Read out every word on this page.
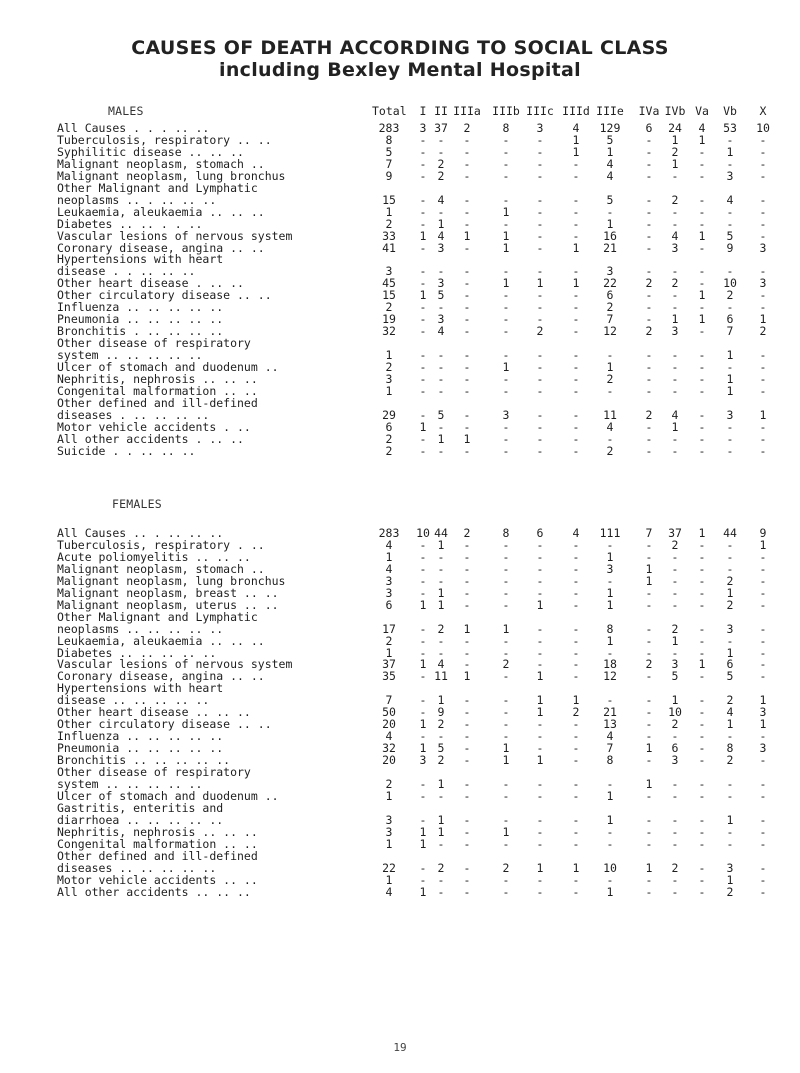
CAUSES OF DEATH ACCORDING TO SOCIAL CLASS
including Bexley Mental Hospital
MALES	Total	I II IIIa IIIb IIIc IIId IIIe	IVa IVb Va	Vb	X
All Causes . . . .. ..	283	3 37	2	8	3	4	129	6	24	4	53	10
Tuberculosis, respiratory .. ..	8	- -	-	-	-	1	5	-	1	1	-	-
Syphilitic disease .. .. ..	5	- -	-	-	-	1	1	-	2	-	1	-
Malignant neoplasm, stomach ..	7	- 2	-	-	-	-	4	-	1	-	-	-
Malignant neoplasm, lung bronchus	9	- 2	-	-	-	-	4	-	-	-	3	-
Other Malignant and Lymphatic
neoplasms .. . .. .. ..	15	- 4	-	-	-	-	5	-	2	-	4	-
Leukaemia, aleukaemia .. .. ..	1	- -	-	1	-	-	-	-	-	-	-	-
Diabetes .. .. . . ..	2	- 1	-	-	-	-	1	-	-	-	-	-
Vascular lesions of nervous system	33	1 4	1	1	-	-	16	-	4	1	5	-
Coronary disease, angina .. ..	41	- 3	-	1	-	1	21	-	3	-	9	3
Hypertensions with heart
disease . . .. .. ..	3	- -	-	-	-	-	3	-	-	-	-	-
Other heart disease . .. ..	45	- 3	-	1	1	1	22	2	2	-	10	3
Other circulatory disease .. ..	15	1 5	-	-	-	-	6	-	-	1	2	-
Influenza .. .. .. .. ..	2	- -	-	-	-	-	2	-	-	-	-	-
Pneumonia .. .. .. .. ..	19	- 3	-	-	-	-	7	-	1	1	6	1
Bronchitis . .. .. .. ..	32	- 4	-	-	2	-	12	2	3	-	7	2
Other disease of respiratory
system .. .. .. .. ..	1	- -	-	-	-	-	-	-	-	-	1	-
Ulcer of stomach and duodenum ..	2	- -	-	1	-	-	1	-	-	-	-	-
Nephritis, nephrosis .. .. ..	3	- -	-	-	-	-	2	-	-	-	1	-
Congenital malformation .. ..	1	- -	-	-	-	-	-	-	-	-	1	-
Other defined and ill-defined
diseases . .. .. .. ..	29	- 5	-	3	-	-	11	2	4	-	3	1
Motor vehicle accidents . ..	6	1 -	-	-	-	-	4	-	1	-	-	-
All other accidents . .. ..	2	- 1	1	-	-	-	-	-	-	-	-	-
Suicide . . .. .. ..	2	- -	-	-	-	-	2	-	-	-	-	-
FEMALES
All Causes .. . .. .. ..	283	10 44	2	8	6	4	111	7	37	1	44	9
Tuberculosis, respiratory . ..	4	- 1	-	-	-	-	-	-	2	-	-	1
Acute poliomyelitis .. .. ..	1	- -	-	-	-	-	1	-	-	-	-	-
Malignant neoplasm, stomach ..	4	- -	-	-	-	-	3	1	-	-	-	-
Malignant neoplasm, lung bronchus	3	- -	-	-	-	-	-	1	-	-	2	-
Malignant neoplasm, breast .. ..	3	- 1	-	-	-	-	1	-	-	-	1	-
Malignant neoplasm, uterus .. ..	6	1 1	-	-	1	-	1	-	-	-	2	-
Other Malignant and Lymphatic
neoplasms .. .. .. .. ..	17	- 2	1	1	-	-	8	-	2	-	3	-
Leukaemia, aleukaemia .. .. ..	2	- -	-	-	-	-	1	-	1	-	-	-
Diabetes .. .. .. .. ..	1	- -	-	-	-	-	-	-	-	-	1	-
Vascular lesions of nervous system	37	1 4	-	2	-	-	18	2	3	1	6	-
Coronary disease, angina .. ..	35	- 11	1	-	1	-	12	-	5	-	5	-
Hypertensions with heart
disease .. .. .. .. ..	7	- 1	-	-	1	1	-	-	1	-	2	1
Other heart disease .. .. ..	50	- 9	-	-	1	2	21	-	10	-	4	3
Other circulatory disease .. ..	20	1 2	-	-	-	-	13	-	2	-	1	1
Influenza .. .. .. .. ..	4	- -	-	-	-	-	4	-	-	-	-	-
Pneumonia .. .. .. .. ..	32	1 5	-	1	-	-	7	1	6	-	8	3
Bronchitis .. .. .. .. ..	20	3 2	-	1	1	-	8	-	3	-	2	-
Other disease of respiratory
system .. .. .. .. ..	2	- 1	-	-	-	-	-	1	-	-	-	-
Ulcer of stomach and duodenum ..	1	- -	-	-	-	-	1	-	-	-	-	-
Gastritis, enteritis and
diarrhoea .. .. .. .. ..	3	- 1	-	-	-	-	1	-	-	-	1	-
Nephritis, nephrosis .. .. ..	3	1 1	-	1	-	-	-	-	-	-	-	-
Congenital malformation .. ..	1	1 -	-	-	-	-	-	-	-	-	-	-
Other defined and ill-defined
diseases .. .. .. .. ..	22	- 2	-	2	1	1	10	1	2	-	3	-
Motor vehicle accidents .. ..	1	- -	-	-	-	-	-	-	-	-	1	-
All other accidents .. .. ..	4	1 -	-	-	-	-	1	-	-	-	2	-
19
